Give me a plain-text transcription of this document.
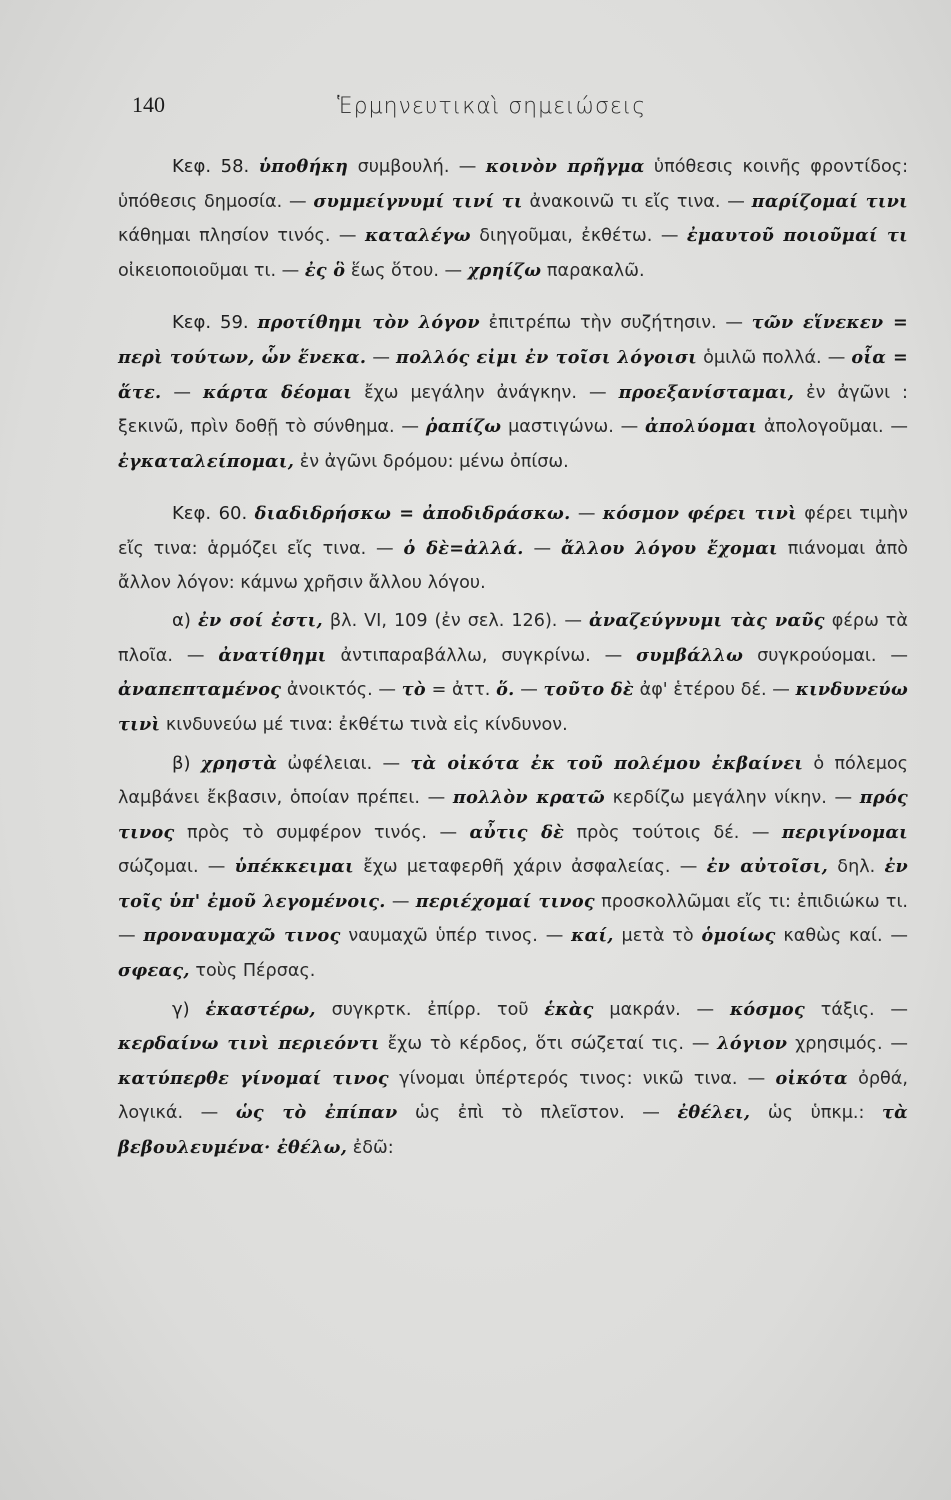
140	Ἑρμηνευτικαὶ σημειώσεις

Κεφ. 58. ὑποθήκη συμβουλή. — κοινὸν πρῆγμα ὑπόθεσις κοινῆς φροντίδος: ὑπόθεσις δημοσία. — συμμείγνυμί τινί τι ἀνακοινῶ τι εἴς τινα. — παρίζομαί τινι κάθημαι πλησίον τινός. — καταλέγω διηγοῦμαι, ἐκθέτω. — ἐμαυτοῦ ποιοῦμαί τι οἰκειοποιοῦμαι τι. — ἐς ὃ ἕως ὅτου. — χρηίζω παρακαλῶ.

Κεφ. 59. προτίθημι τὸν λόγον ἐπιτρέπω τὴν συζήτησιν. — τῶν εἵνεκεν = περὶ τούτων, ὧν ἕνεκα. — πολλός εἰμι ἐν τοῖσι λόγοισι ὁμιλῶ πολλά. — οἷα = ἅτε. — κάρτα δέομαι ἔχω μεγάλην ἀνάγκην. — προεξανίσταμαι, ἐν ἀγῶνι : ξεκινῶ, πρὶν δοθῇ τὸ σύνθημα. — ῥαπίζω μαστιγώνω. — ἀπολύομαι ἀπολογοῦμαι. — ἐγκαταλείπομαι, ἐν ἀγῶνι δρόμου: μένω ὀπίσω.

Κεφ. 60. διαδιδρήσκω = ἀποδιδράσκω. — κόσμον φέρει τινὶ φέρει τιμὴν εἴς τινα: ἁρμόζει εἴς τινα. — ὁ δὲ=ἀλλά. — ἄλλου λόγου ἔχομαι πιάνομαι ἀπὸ ἄλλον λόγον: κάμνω χρῆσιν ἄλλου λόγου.

α) ἐν σοί ἐστι, βλ. VI, 109 (ἐν σελ. 126). — ἀναζεύγνυμι τὰς ναῦς φέρω τὰ πλοῖα. — ἀνατίθημι ἀντιπαραβάλλω, συγκρίνω. — συμβάλλω συγκρούομαι. — ἀναπεπταμένος ἀνοικτός. — τὸ = ἀττ. ὅ. — τοῦτο δὲ ἀφ' ἑτέρου δέ. — κινδυνεύω τινὶ κινδυνεύω μέ τινα: ἐκθέτω τινὰ εἰς κίνδυνον.

β) χρηστὰ ὠφέλειαι. — τὰ οἰκότα ἐκ τοῦ πολέμου ἐκβαίνει ὁ πόλεμος λαμβάνει ἔκβασιν, ὁποίαν πρέπει. — πολλὸν κρατῶ κερδίζω μεγάλην νίκην. — πρός τινος πρὸς τὸ συμφέρον τινός. — αὖτις δὲ πρὸς τούτοις δέ. — περιγίνομαι σώζομαι. — ὑπέκκειμαι ἔχω μεταφερθῆ χάριν ἀσφαλείας. — ἐν αὐτοῖσι, δηλ. ἐν τοῖς ὑπ' ἐμοῦ λεγομένοις. — περιέχομαί τινος προσκολλῶμαι εἴς τι: ἐπιδιώκω τι. — προναυμαχῶ τινος ναυμαχῶ ὑπέρ τινος. — καί, μετὰ τὸ ὁμοίως καθὼς καί. — σφεας, τοὺς Πέρσας.

γ) ἑκαστέρω, συγκρτκ. ἐπίρρ. τοῦ ἑκὰς μακράν. — κόσμος τάξις. — κερδαίνω τινὶ περιεόντι ἔχω τὸ κέρδος, ὅτι σώζεταί τις. — λόγιον χρησιμός. — κατύπερθε γίνομαί τινος γίνομαι ὑπέρτερός τινος: νικῶ τινα. — οἰκότα ὀρθά, λογικά. — ὡς τὸ ἐπίπαν ὡς ἐπὶ τὸ πλεῖστον. — ἐθέλει, ὡς ὑπκμ.: τὰ βεβουλευμένα· ἐθέλω, ἐδῶ:
